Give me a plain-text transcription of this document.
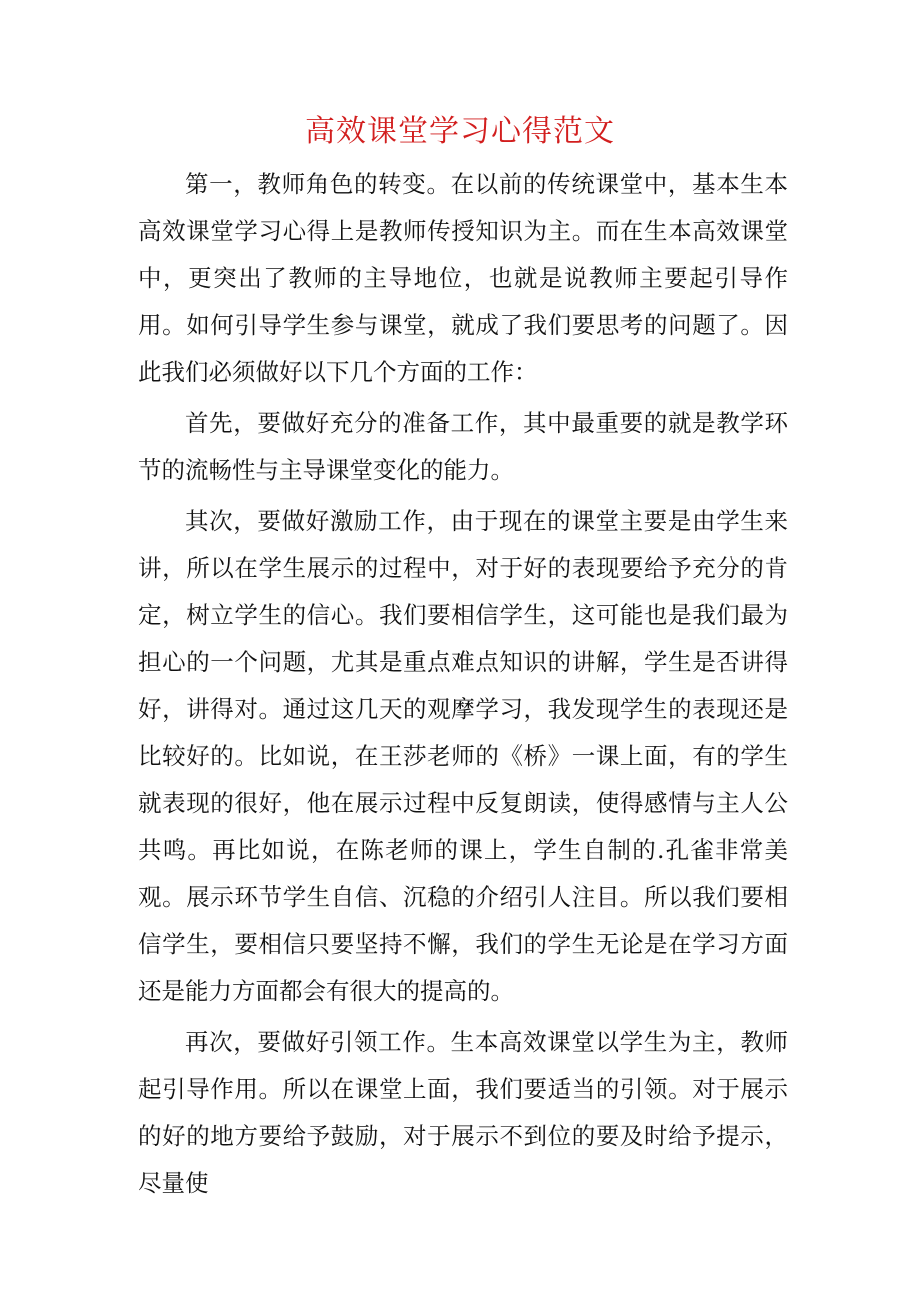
高效课堂学习心得范文

第一，教师角色的转变。在以前的传统课堂中，基本生本高效课堂学习心得上是教师传授知识为主。而在生本高效课堂中，更突出了教师的主导地位，也就是说教师主要起引导作用。如何引导学生参与课堂，就成了我们要思考的问题了。因此我们必须做好以下几个方面的工作：

首先，要做好充分的准备工作，其中最重要的就是教学环节的流畅性与主导课堂变化的能力。

其次，要做好激励工作，由于现在的课堂主要是由学生来讲，所以在学生展示的过程中，对于好的表现要给予充分的肯定，树立学生的信心。我们要相信学生，这可能也是我们最为担心的一个问题，尤其是重点难点知识的讲解，学生是否讲得好，讲得对。通过这几天的观摩学习，我发现学生的表现还是比较好的。比如说，在王莎老师的《桥》一课上面，有的学生就表现的很好，他在展示过程中反复朗读，使得感情与主人公共鸣。再比如说，在陈老师的课上，学生自制的.孔雀非常美观。展示环节学生自信、沉稳的介绍引人注目。所以我们要相信学生，要相信只要坚持不懈，我们的学生无论是在学习方面还是能力方面都会有很大的提高的。

再次，要做好引领工作。生本高效课堂以学生为主，教师起引导作用。所以在课堂上面，我们要适当的引领。对于展示的好的地方要给予鼓励，对于展示不到位的要及时给予提示，尽量使
